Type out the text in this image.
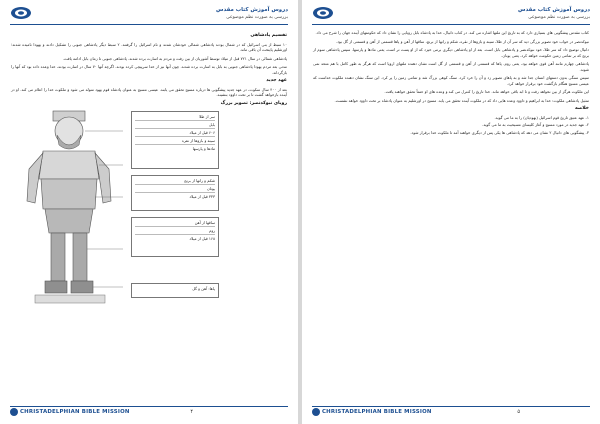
دروس آموزش کتاب مقدس
بررسی به صورت نظم موضوعی
تقسیم پادشاهی

۱۰ سبط از بنی اسرائیل که در شمال بودند پادشاهی شمالی خودشان شدند و نام اسرائیل را گرفتند. ۲ سبط دیگر پادشاهی جنوبی را تشکیل دادند و یهودا نامیده شدند؛ اورشلیم پایتخت آن باقی ماند.

پادشاهی شمالی در سال ۷۲۱ قبل از میلاد توسط آشوریان از بین رفت و مردم به اسارت برده شدند. پادشاهی جنوبی تا زمان بابل ادامه یافت.

مدتی بعد مردم یهودا پادشاهی جنوبی به بابل به اسارت برده شدند. چون آنها نیز از خدا سرپیچی کرده بودند. اگرچه آنها ۷۰ سال در اسارت بودند، خدا وعده داده بود که آنها را بازگرداند.

عهد جدید

بعد از ۴۰۰ سال سکوت، در عهد جدید پیشگویی ها درباره مسیح تحقق می یابند. عیسی مسیح به عنوان پادشاه قوم یهود متولد می شود و ملکوت خدا را اعلام می کند. او در آینده بازخواهد گشت تا بر تخت داوود بنشیند.

رویای نبوکدنصر: تصویر بزرگ
سر از طلا
بابل
۶۰۶ قبل از میلاد
سینه و بازوها از نقره
مادها و پارسها
شکم و رانها از برنج
یونان
۳۳۳ قبل از میلاد
ساقها از آهن
روم
۱۶۸ قبل از میلاد
پاها: آهن و گل
CHRISTADELPHIAN BIBLE MISSION	۴
دروس آموزش کتاب مقدس
بررسی به صورت نظم موضوعی

کتاب مقدس پیشگویی های بسیاری دارد که به تاریخ این ملتها اشاره می کند. در کتاب دانیال، خدا به پادشاه بابل رویایی را نشان داد که حکومتهای آینده جهان را شرح می داد.

نبوکدنصر در خواب خود تصویر بزرگی دید که سر آن از طلا، سینه و بازوها از نقره، شکم و رانها از برنج، ساقها از آهن و پاها قسمتی از آهن و قسمتی از گل بود.

دانیال توضیح داد که سر طلا، خود نبوکدنصر و پادشاهی بابل است. بعد از او پادشاهی دیگری برمی خیزد که از او پست تر است، یعنی مادها و پارسها. سپس پادشاهی سوم از برنج که بر تمامی زمین حکومت خواهد کرد، یعنی یونان.

پادشاهی چهارم مانند آهن قوی خواهد بود، یعنی روم. پاها که قسمتی از آهن و قسمتی از گل است نشان دهنده ملتهای اروپا است که هرگز به طور کامل با هم متحد نمی شوند.

سپس سنگی بدون دستهای انسان جدا شد و به پاهای تصویر زد و آن را خرد کرد. سنگ کوهی بزرگ شد و تمامی زمین را پر کرد. این سنگ نشان دهنده ملکوت خداست که عیسی مسیح هنگام بازگشت خود برقرار خواهد کرد.

این ملکوت هرگز از بین نخواهد رفت و تا ابد باقی خواهد ماند. خدا تاریخ را کنترل می کند و وعده های او حتماً تحقق خواهند یافت.

تمثیل پادشاهی ملکوت: خدا به ابراهیم و داوود وعده هایی داد که در ملکوت آینده تحقق می یابد. مسیح در اورشلیم به عنوان پادشاه بر تخت داوود خواهد نشست.

خلاصه
۱- عهد عتیق تاریخ قوم اسرائیل (یهودیان) را به ما می گوید.
۲- عهد جدید در مورد مسیح و آغاز کلیسای مسیحیت به ما می گوید.
۳- پیشگویی های دانیال ۲ نشان می دهد که پادشاهی ها یکی پس از دیگری خواهند آمد تا ملکوت خدا برقرار شود.
CHRISTADELPHIAN BIBLE MISSION	۵
